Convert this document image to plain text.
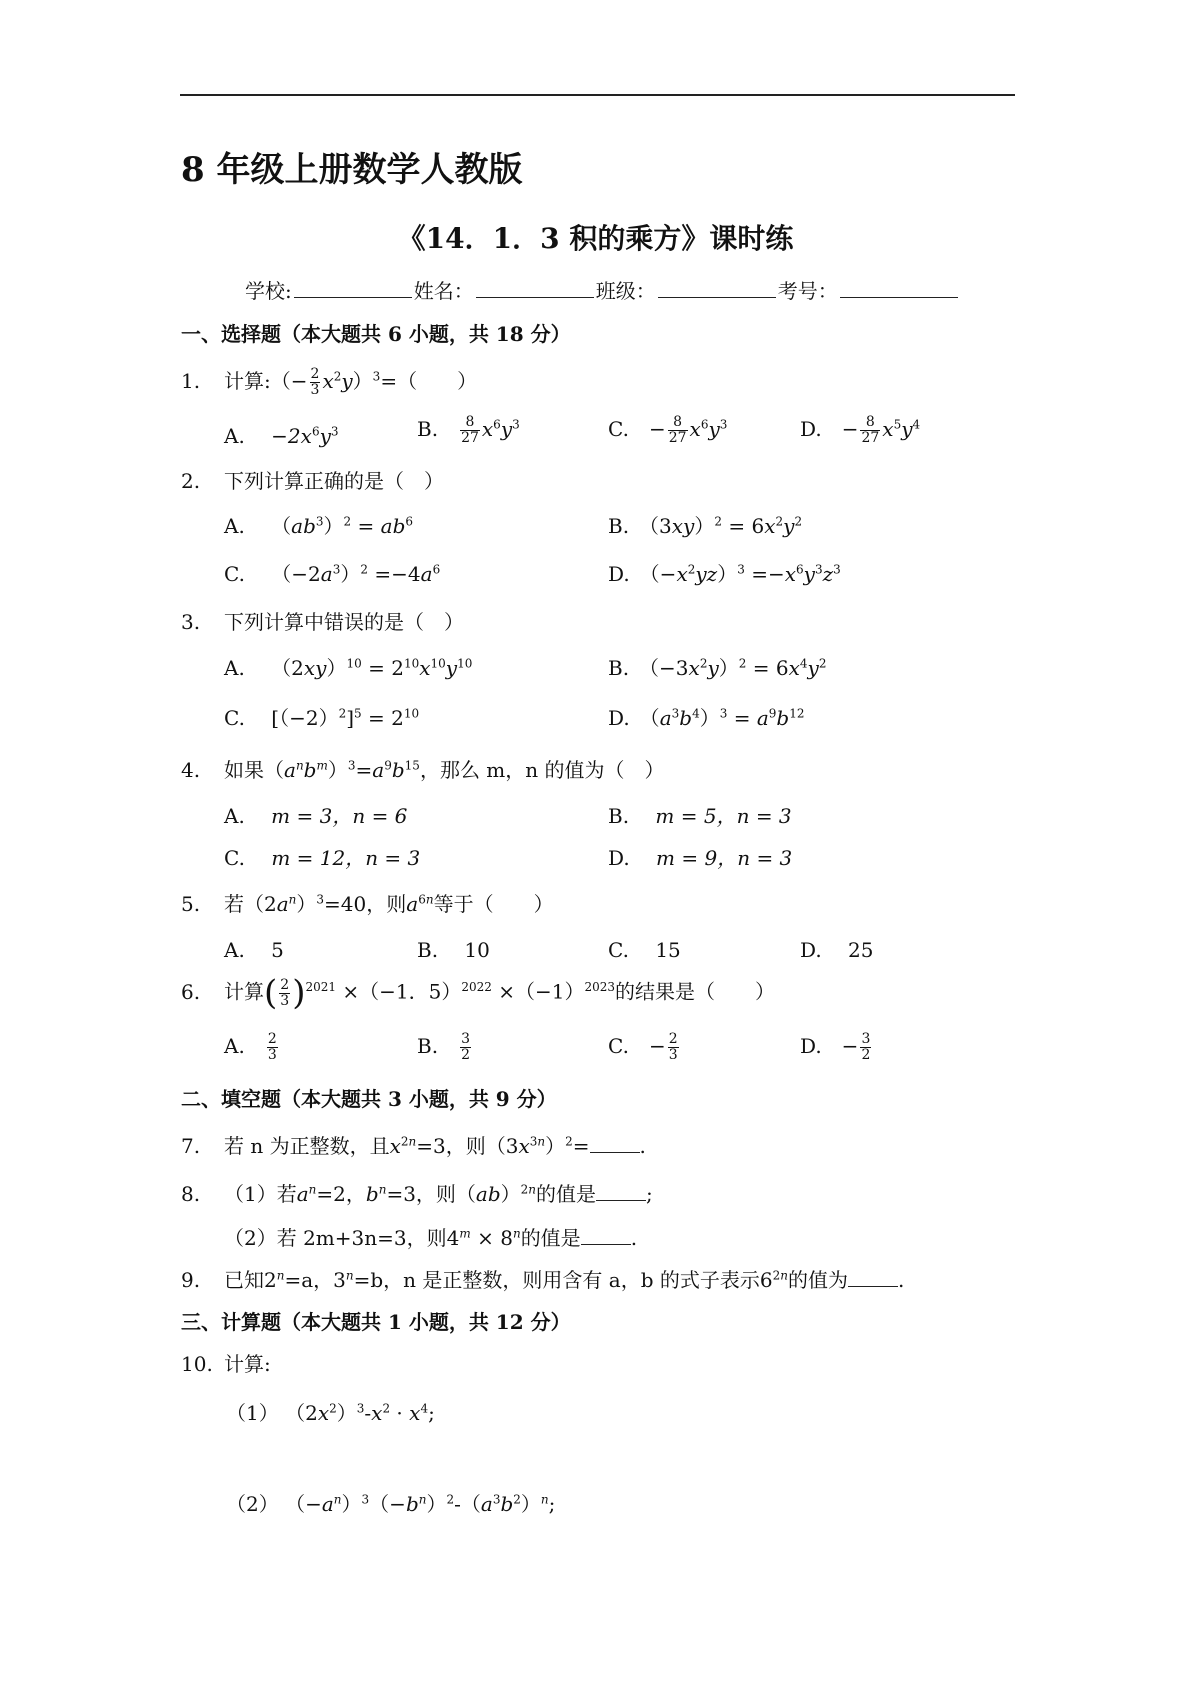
8 年级上册数学人教版
《14．1．3 积的乘方》课时练
学校:	姓名：	班级：	考号：
一、选择题（本大题共 6 小题，共 18 分）
1. 计算:（− $\frac{2}{3} x^2y)^3=$（　　）
A.　 $-2x^6y^3$	B.　 $\frac{8}{27} x^6y^3$	C.　− $\frac{8}{27} x^6y^3$	D.　− $\frac{8}{27} x^5y^4$
2. 下列计算正确的是（　）
A.　 $(ab^3)^2 = ab^6$	B.　$(3xy)^2 = 6x^2y^2$
C.　 $(-2a^3)^2 =-4a^6$	D.　$(-x^2yz)^3 =-x^6y^3z^3$
3. 下列计算中错误的是（　）
A.　 $(2xy)^{10} = 2^{10}x^{10}y^{10}$	B.　$(-3x^2y)^2 = 6x^4y^2$
C.　 $[(-2)^2]^5 = 2^{10}$	D.　$(a^3b^4)^3 = a^9b^{12}$
4. 如果$(a^nb^m)^3=a^9b^{15}$，那么 m，n 的值为（　）
A.　 m = 3，n = 6	B.　 m = 5，n = 3
C.　 m = 12，n = 3	D.　 m = 9，n = 3
5. 若$(2a^n)^3=40$，则$a^{6n}$等于（　　）
A.　 5	B.　 10	C.　 15	D.　 25
6. 计算( $\frac{2}{3} )^{2021} \times(-1$．$5)^{2022} \times(-1)^{2023}$的结果是（　　）
A.　 $\frac{2}{3}$	B.　 $\frac{3}{2}$	C.　− $\frac{2}{3}$	D.　− $\frac{3}{2}$
二、填空题（本大题共 3 小题，共 9 分）
7. 若 n 为正整数，且$x^{2n}=3$，则$(3x^{3n})^2=$	.
8. （1）若$a^n=2$，$b^n=3$，则（ab）$^{2n}$的值是	;
（2）若 2m+3n=3，则$4^m \times 8^n$的值是	.
9. 已知$2^n=a$，$3^n=b$，n 是正整数，则用含有 a，b 的式子表示$6^{2n}$的值为	.
三、计算题（本大题共 1 小题，共 12 分）
10. 计算:
（1） $(2x^2)^3-x^2 \cdot x^4$;
（2） $(-a^n)^3(-b^n)^2-(a^3b^2)^n$;
